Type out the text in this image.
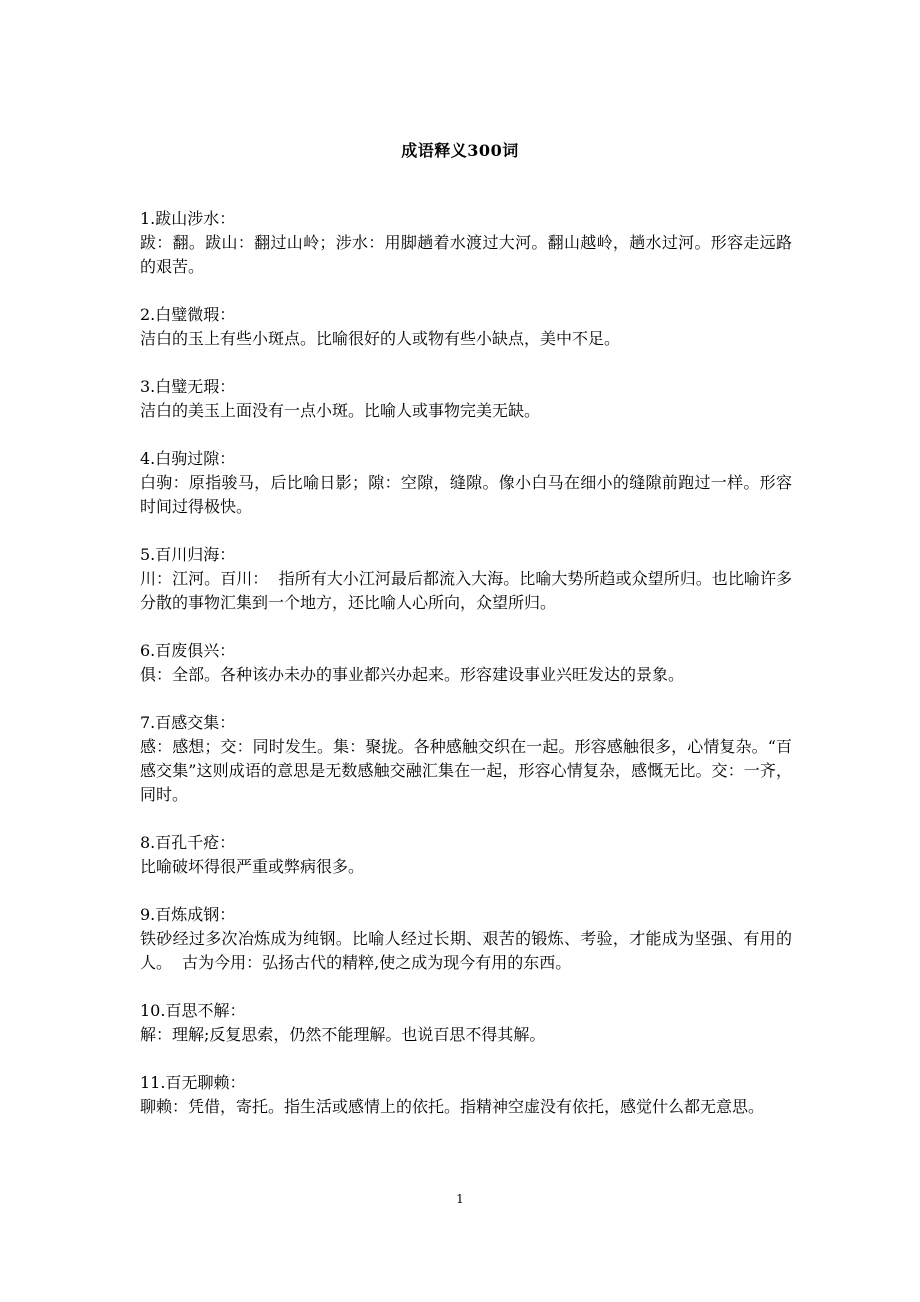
成语释义300词
1.跋山涉水：
跋：翻。跋山：翻过山岭；涉水：用脚趟着水渡过大河。翻山越岭，趟水过河。形容走远路的艰苦。
2.白璧微瑕：
洁白的玉上有些小斑点。比喻很好的人或物有些小缺点，美中不足。
3.白璧无瑕：
洁白的美玉上面没有一点小斑。比喻人或事物完美无缺。
4.白驹过隙：
白驹：原指骏马，后比喻日影；隙：空隙，缝隙。像小白马在细小的缝隙前跑过一样。形容时间过得极快。
5.百川归海：
川：江河。百川：  指所有大小江河最后都流入大海。比喻大势所趋或众望所归。也比喻许多分散的事物汇集到一个地方，还比喻人心所向，众望所归。
6.百废俱兴：
俱：全部。各种该办未办的事业都兴办起来。形容建设事业兴旺发达的景象。
7.百感交集：
感：感想；交：同时发生。集：聚拢。各种感触交织在一起。形容感触很多，心情复杂。“百感交集”这则成语的意思是无数感触交融汇集在一起，形容心情复杂，感慨无比。交：一齐，同时。
8.百孔千疮：
比喻破坏得很严重或弊病很多。
9.百炼成钢：
铁砂经过多次冶炼成为纯钢。比喻人经过长期、艰苦的锻炼、考验，才能成为坚强、有用的人。  古为今用：弘扬古代的精粹,使之成为现今有用的东西。
10.百思不解：
解：理解;反复思索，仍然不能理解。也说百思不得其解。
11.百无聊赖：
聊赖：凭借，寄托。指生活或感情上的依托。指精神空虚没有依托，感觉什么都无意思。
1
